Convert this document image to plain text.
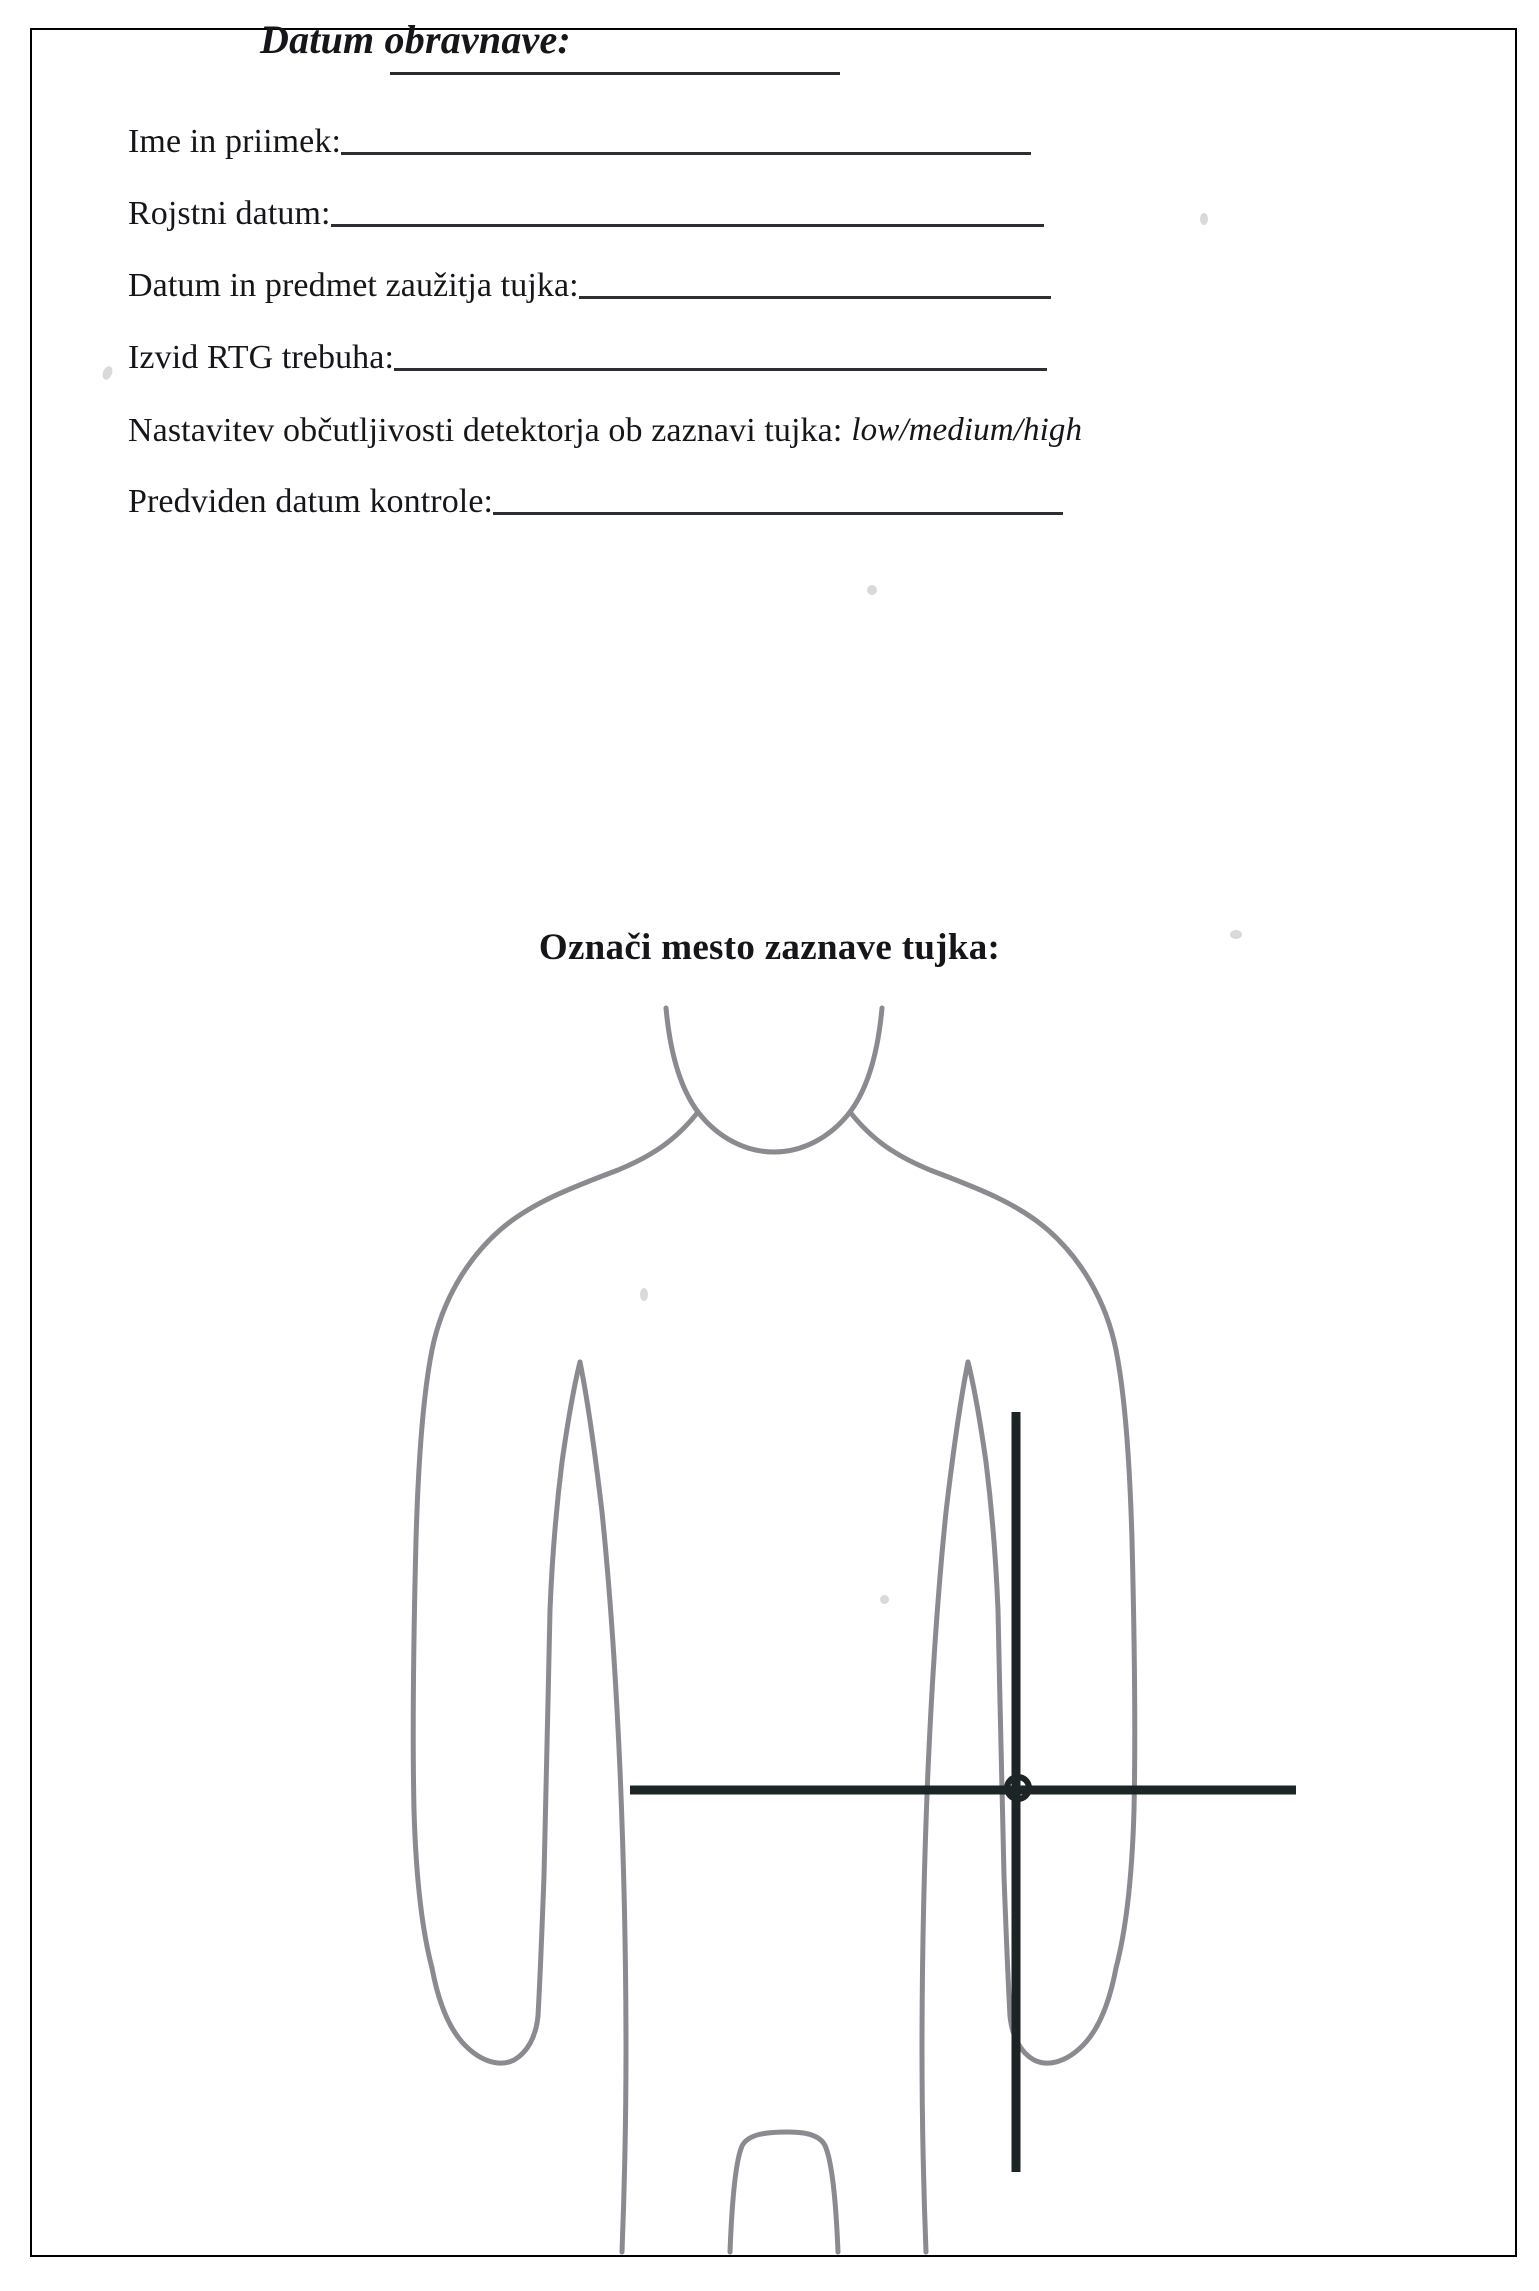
Datum obravnave:
Ime in priimek:
Rojstni datum:
Datum in predmet zaužitja tujka:
Izvid RTG trebuha:
Nastavitev občutljivosti detektorja ob zaznavi tujka: low/medium/high
Predviden datum kontrole:
Označi mesto zaznave tujka:
